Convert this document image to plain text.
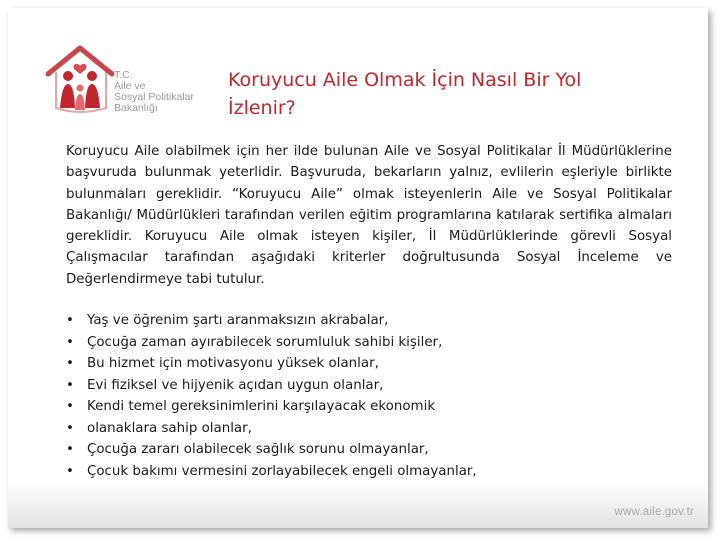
T.C.
Aile ve
Sosyal Politikalar
Bakanlığı
Koruyucu Aile Olmak İçin Nasıl Bir Yol
İzlenir?
Koruyucu Aile olabilmek için her ilde bulunan Aile ve Sosyal Politikalar İl Müdürlüklerine başvuruda bulunmak yeterlidir. Başvuruda, bekarların yalnız, evlilerin eşleriyle birlikte bulunmaları gereklidir. “Koruyucu Aile” olmak isteyenlerin Aile ve Sosyal Politikalar Bakanlığı/ Müdürlükleri tarafından verilen eğitim programlarına katılarak sertifika almaları gereklidir. Koruyucu Aile olmak isteyen kişiler, İl Müdürlüklerinde görevli Sosyal Çalışmacılar tarafından aşağıdaki kriterler doğrultusunda Sosyal İnceleme ve Değerlendirmeye tabi tutulur.
• Yaş ve öğrenim şartı aranmaksızın akrabalar,
• Çocuğa zaman ayırabilecek sorumluluk sahibi kişiler,
• Bu hizmet için motivasyonu yüksek olanlar,
• Evi fiziksel ve hijyenik açıdan uygun olanlar,
• Kendi temel gereksinimlerini karşılayacak ekonomik
• olanaklara sahip olanlar,
• Çocuğa zararı olabilecek sağlık sorunu olmayanlar,
• Çocuk bakımı vermesini zorlayabilecek engeli olmayanlar,
www.aile.gov.tr
